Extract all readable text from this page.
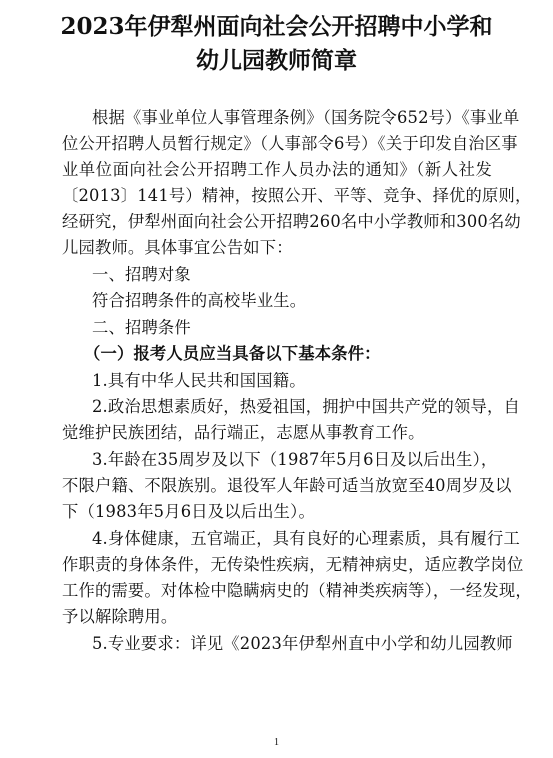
2023年伊犁州面向社会公开招聘中小学和
幼儿园教师简章
根据《事业单位人事管理条例》（国务院令652号）《事业单
位公开招聘人员暂行规定》（人事部令6号）《关于印发自治区事
业单位面向社会公开招聘工作人员办法的通知》（新人社发
〔2013〕141号）精神，按照公开、平等、竞争、择优的原则，
经研究，伊犁州面向社会公开招聘260名中小学教师和300名幼
儿园教师。具体事宜公告如下：
一、招聘对象
符合招聘条件的高校毕业生。
二、招聘条件
（一）报考人员应当具备以下基本条件：
1.具有中华人民共和国国籍。
2.政治思想素质好，热爱祖国，拥护中国共产党的领导，自
觉维护民族团结，品行端正，志愿从事教育工作。
3.年龄在35周岁及以下（1987年5月6日及以后出生），
不限户籍、不限族别。退役军人年龄可适当放宽至40周岁及以
下（1983年5月6日及以后出生）。
4.身体健康，五官端正，具有良好的心理素质，具有履行工
作职责的身体条件，无传染性疾病，无精神病史，适应教学岗位
工作的需要。对体检中隐瞒病史的（精神类疾病等），一经发现，
予以解除聘用。
5.专业要求：详见《2023年伊犁州直中小学和幼儿园教师
1
